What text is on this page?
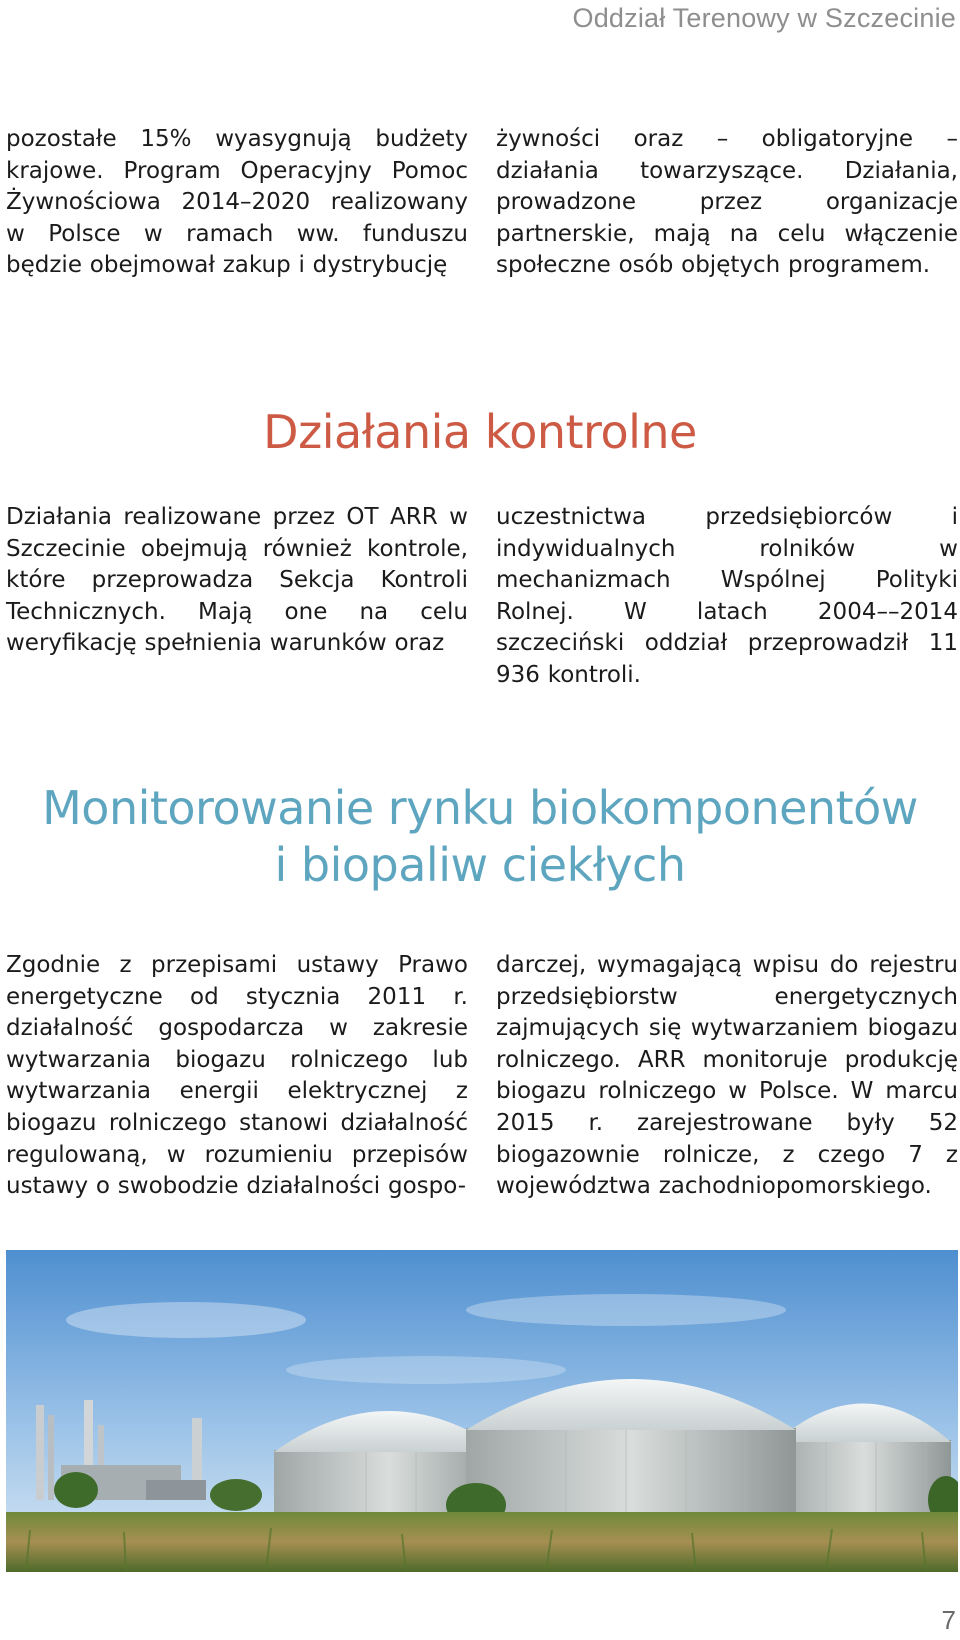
Oddział Terenowy w Szczecinie

pozostałe 15% wyasygnują budżety krajowe. Program Operacyjny Pomoc Żywnościowa 2014–2020 realizowany w Polsce w ramach ww. funduszu będzie obejmował zakup i dystrybucję

żywności oraz – obligatoryjne – działania towarzyszące. Działania, prowadzone przez organizacje partnerskie, mają na celu włączenie społeczne osób objętych programem.

Działania kontrolne

Działania realizowane przez OT ARR w Szczecinie obejmują również kontrole, które przeprowadza Sekcja Kontroli Technicznych. Mają one na celu weryfikację spełnienia warunków oraz

uczestnictwa przedsiębiorców i indywidualnych rolników w mechanizmach Wspólnej Polityki Rolnej. W latach 2004––2014 szczeciński oddział przeprowadził 11 936 kontroli.

Monitorowanie rynku biokomponentów
i biopaliw ciekłych

Zgodnie z przepisami ustawy Prawo energetyczne od stycznia 2011 r. działalność gospodarcza w zakresie wytwarzania biogazu rolniczego lub wytwarzania energii elektrycznej z biogazu rolniczego stanowi działalność regulowaną, w rozumieniu przepisów ustawy o swobodzie działalności gospo-

darczej, wymagającą wpisu do rejestru przedsiębiorstw energetycznych zajmujących się wytwarzaniem biogazu rolniczego. ARR monitoruje produkcję biogazu rolniczego w Polsce. W marcu 2015 r. zarejestrowane były 52 biogazownie rolnicze, z czego 7 z województwa zachodniopomorskiego.

7
